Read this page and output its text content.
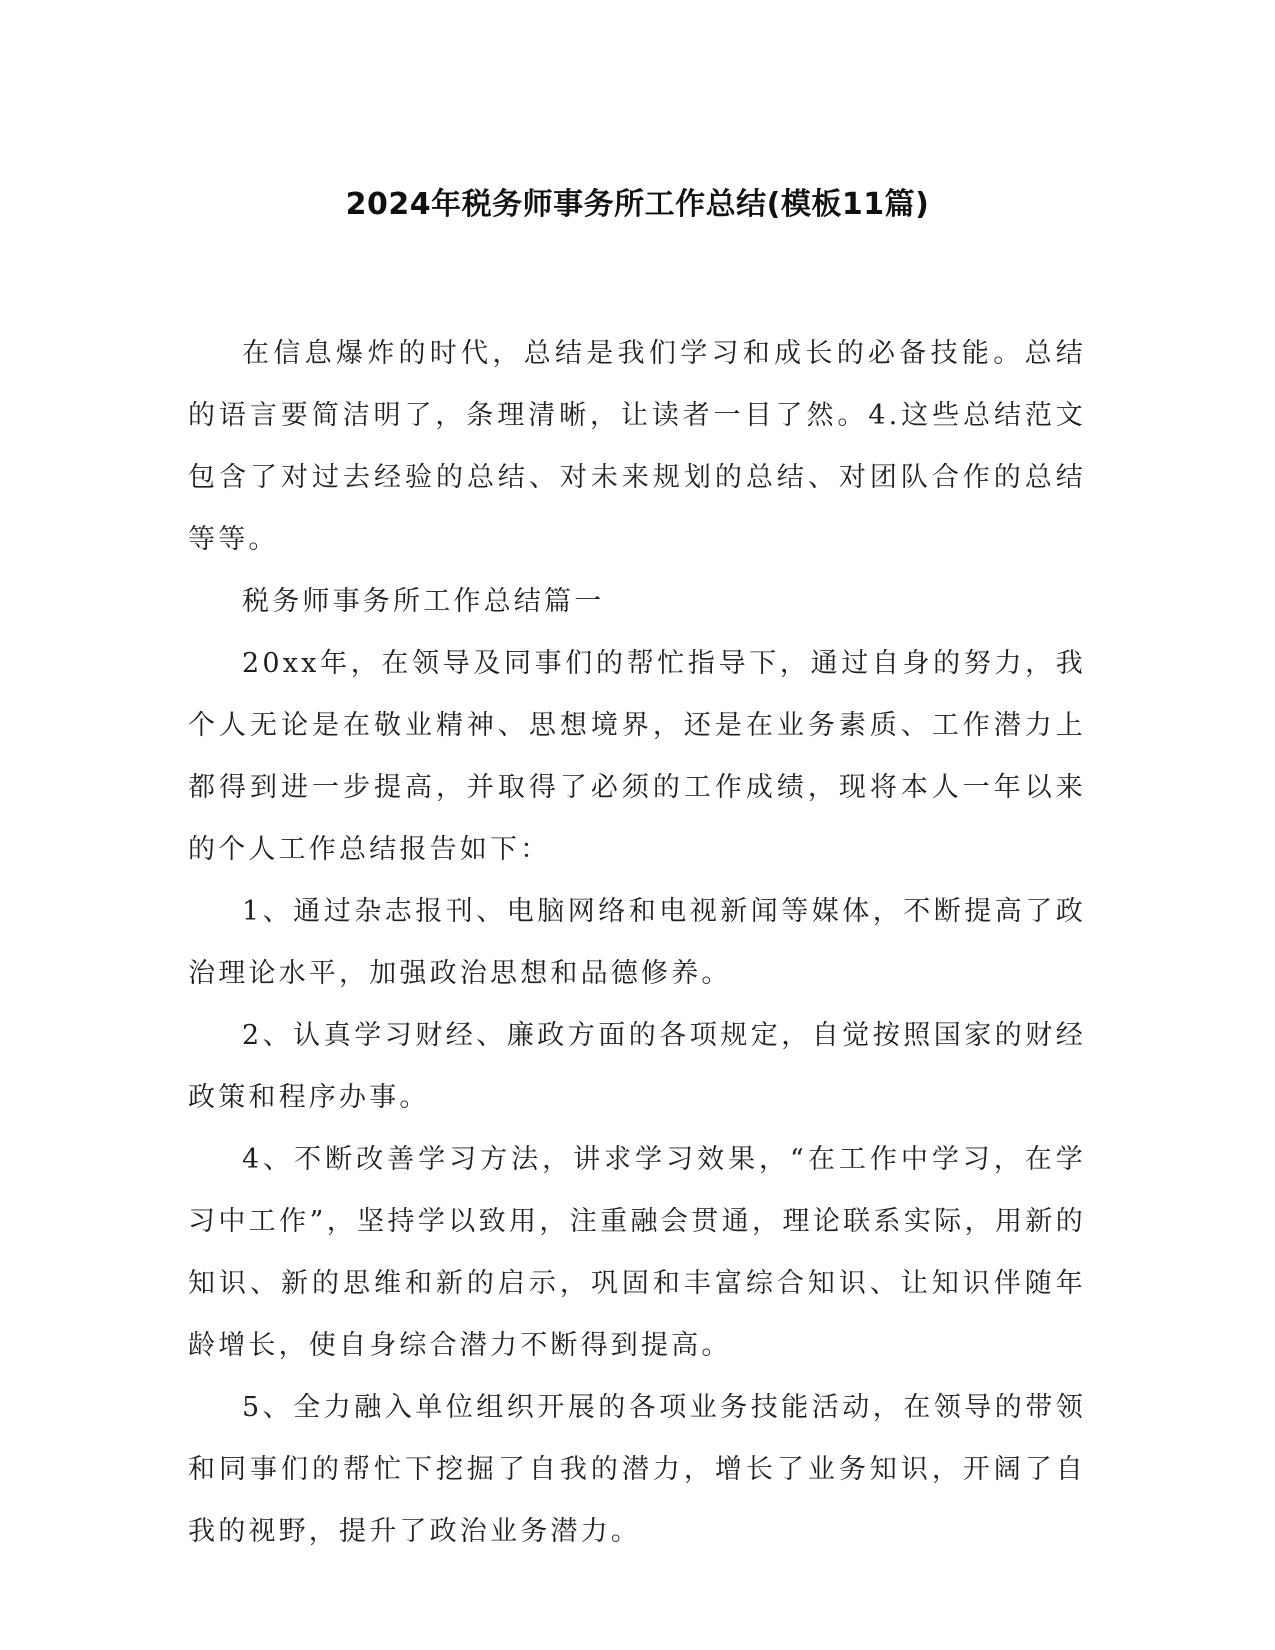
2024年税务师事务所工作总结(模板11篇)

在信息爆炸的时代，总结是我们学习和成长的必备技能。总结的语言要简洁明了，条理清晰，让读者一目了然。4.这些总结范文包含了对过去经验的总结、对未来规划的总结、对团队合作的总结等等。

税务师事务所工作总结篇一

20xx年，在领导及同事们的帮忙指导下，通过自身的努力，我个人无论是在敬业精神、思想境界，还是在业务素质、工作潜力上都得到进一步提高，并取得了必须的工作成绩，现将本人一年以来的个人工作总结报告如下：

1、通过杂志报刊、电脑网络和电视新闻等媒体，不断提高了政治理论水平，加强政治思想和品德修养。

2、认真学习财经、廉政方面的各项规定，自觉按照国家的财经政策和程序办事。

4、不断改善学习方法，讲求学习效果，“在工作中学习，在学习中工作”，坚持学以致用，注重融会贯通，理论联系实际，用新的知识、新的思维和新的启示，巩固和丰富综合知识、让知识伴随年龄增长，使自身综合潜力不断得到提高。

5、全力融入单位组织开展的各项业务技能活动，在领导的带领和同事们的帮忙下挖掘了自我的潜力，增长了业务知识，开阔了自我的视野，提升了政治业务潜力。
